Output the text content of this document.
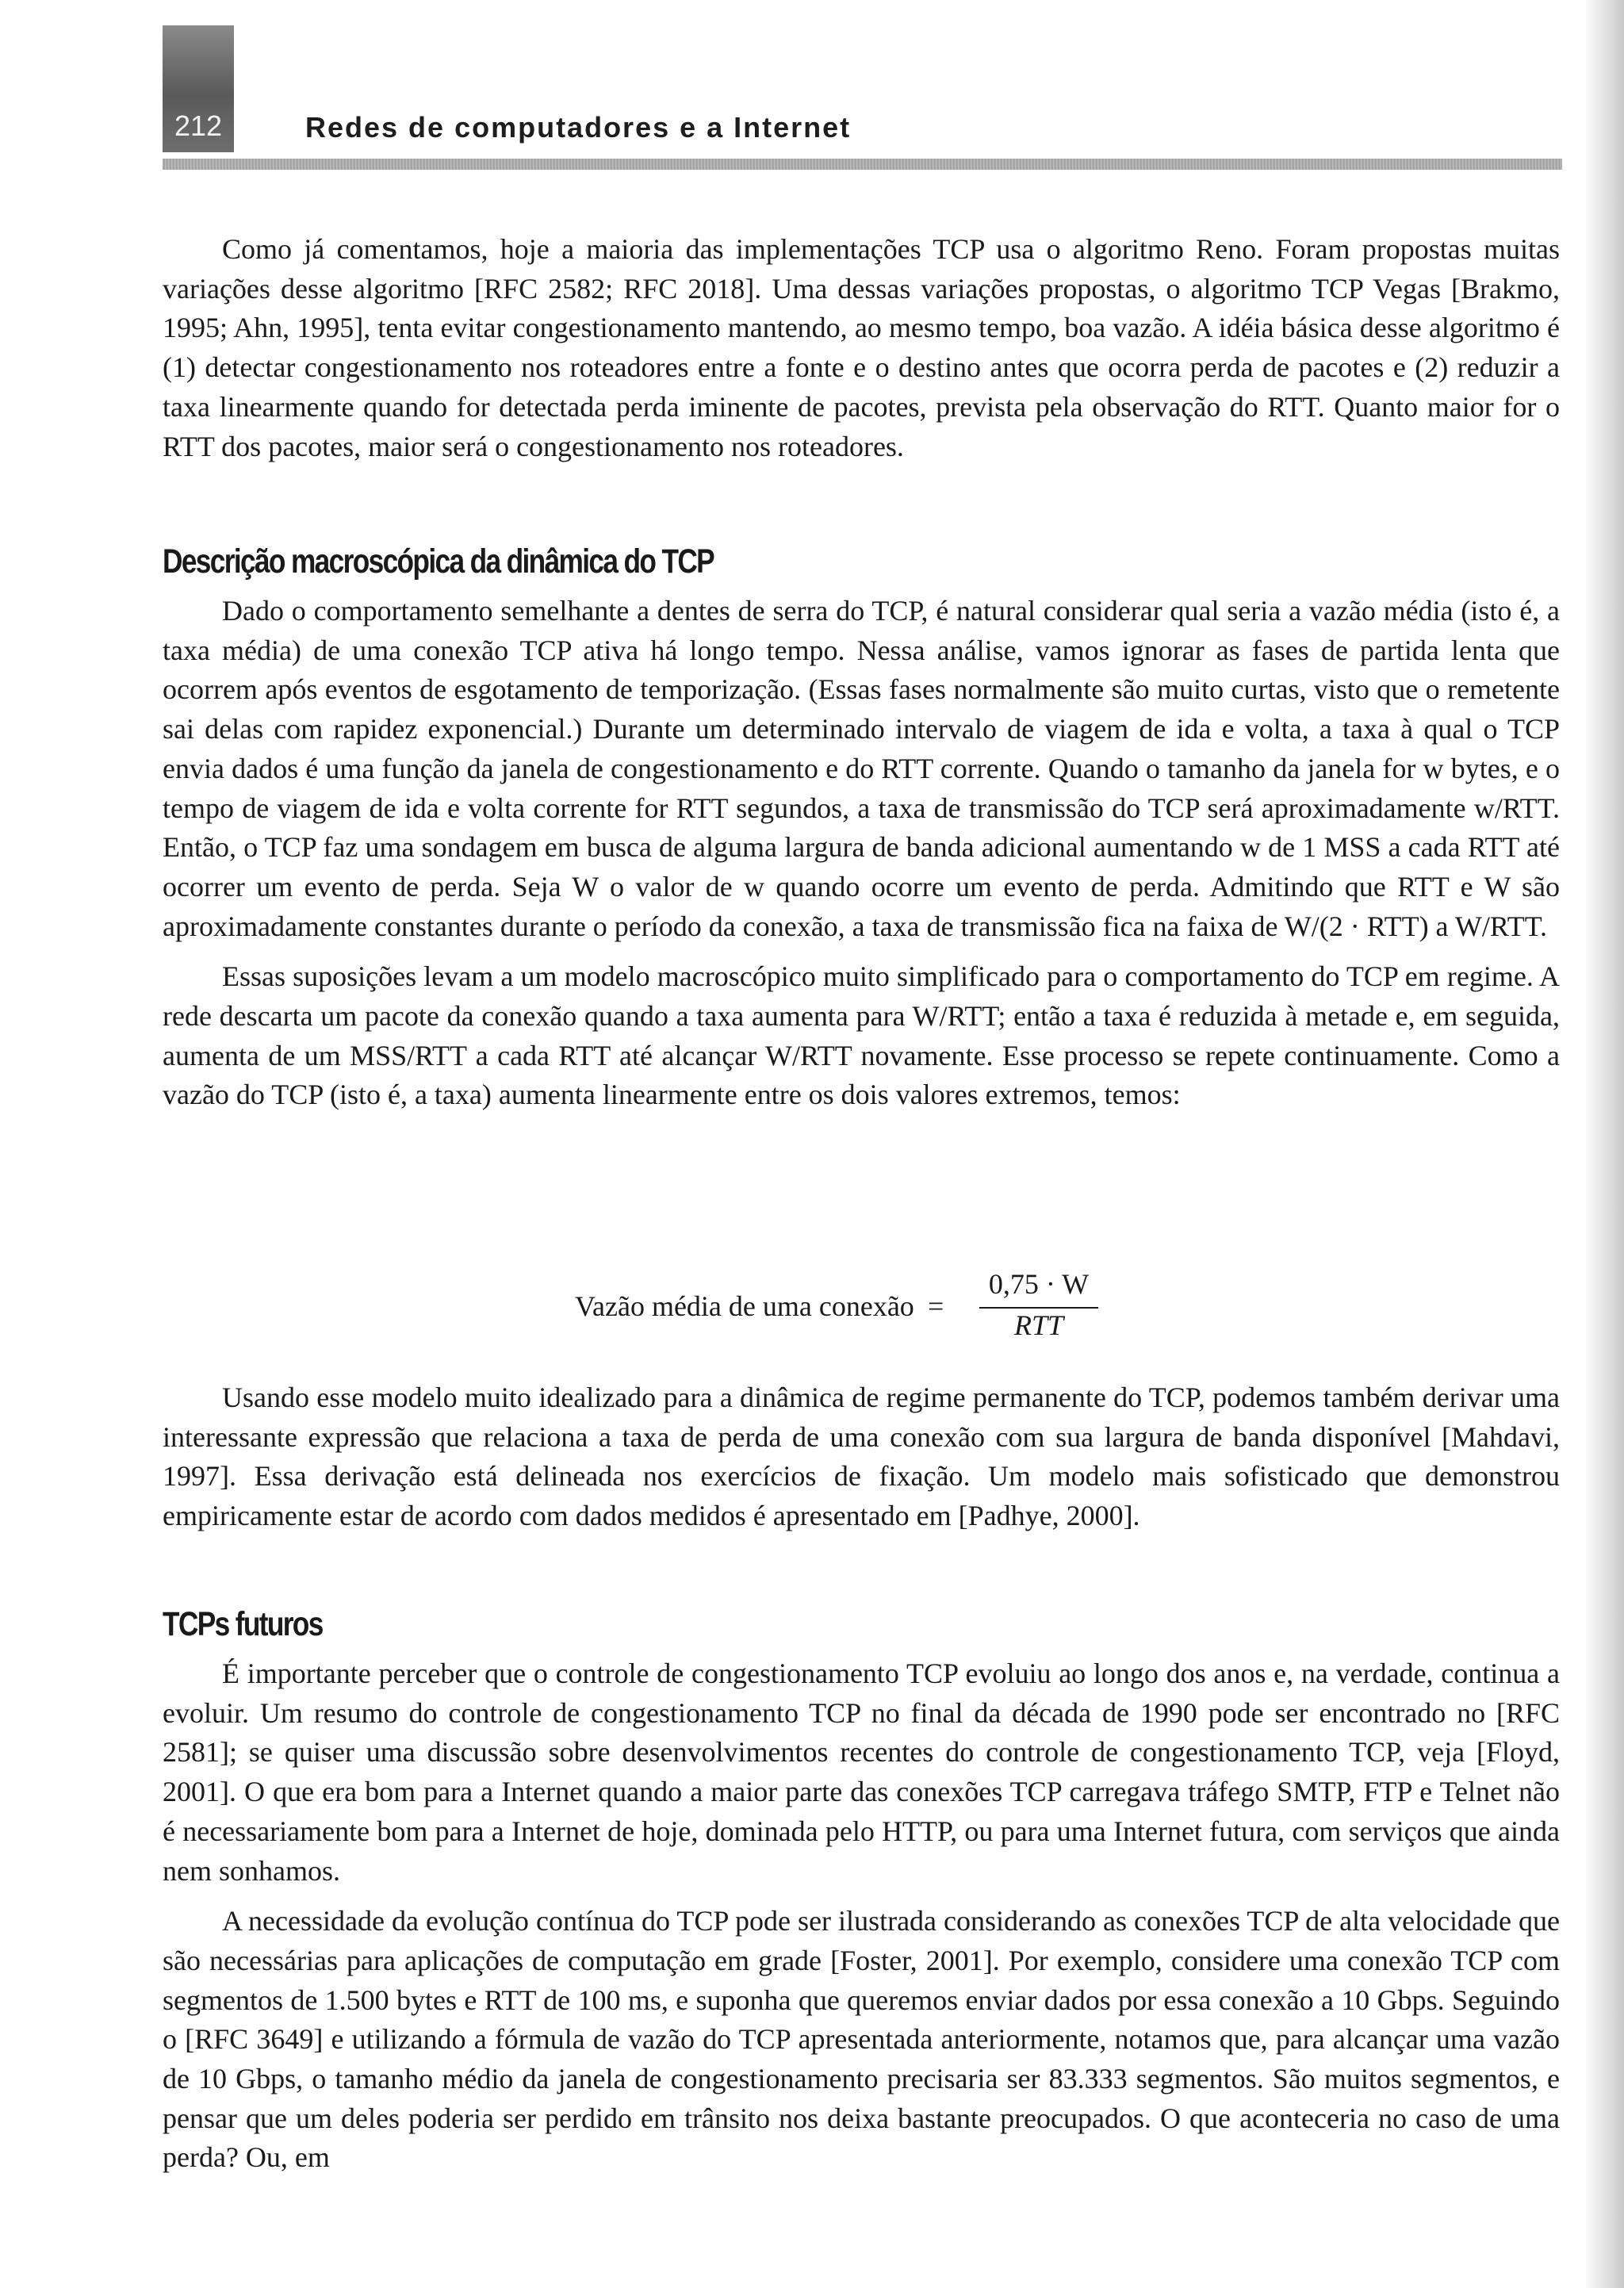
212	Redes de computadores e a Internet

Como já comentamos, hoje a maioria das implementações TCP usa o algoritmo Reno. Foram propostas muitas variações desse algoritmo [RFC 2582; RFC 2018]. Uma dessas variações propostas, o algoritmo TCP Vegas [Brakmo, 1995; Ahn, 1995], tenta evitar congestionamento mantendo, ao mesmo tempo, boa vazão. A idéia básica desse algoritmo é (1) detectar congestionamento nos roteadores entre a fonte e o destino antes que ocorra perda de pacotes e (2) reduzir a taxa linearmente quando for detectada perda iminente de pacotes, prevista pela observação do RTT. Quanto maior for o RTT dos pacotes, maior será o congestionamento nos roteadores.

Descrição macroscópica da dinâmica do TCP

Dado o comportamento semelhante a dentes de serra do TCP, é natural considerar qual seria a vazão média (isto é, a taxa média) de uma conexão TCP ativa há longo tempo. Nessa análise, vamos ignorar as fases de partida lenta que ocorrem após eventos de esgotamento de temporização. (Essas fases normalmente são muito curtas, visto que o remetente sai delas com rapidez exponencial.) Durante um determinado intervalo de viagem de ida e volta, a taxa à qual o TCP envia dados é uma função da janela de congestionamento e do RTT corrente. Quando o tamanho da janela for w bytes, e o tempo de viagem de ida e volta corrente for RTT segundos, a taxa de transmissão do TCP será aproximadamente w/RTT. Então, o TCP faz uma sondagem em busca de alguma largura de banda adicional aumentando w de 1 MSS a cada RTT até ocorrer um evento de perda. Seja W o valor de w quando ocorre um evento de perda. Admitindo que RTT e W são aproximadamente constantes durante o período da conexão, a taxa de transmissão fica na faixa de W/(2 · RTT) a W/RTT.

Essas suposições levam a um modelo macroscópico muito simplificado para o comportamento do TCP em regime. A rede descarta um pacote da conexão quando a taxa aumenta para W/RTT; então a taxa é reduzida à metade e, em seguida, aumenta de um MSS/RTT a cada RTT até alcançar W/RTT novamente. Esse processo se repete continuamente. Como a vazão do TCP (isto é, a taxa) aumenta linearmente entre os dois valores extremos, temos:

Vazão média de uma conexão =
0,75 · W
RTT

Usando esse modelo muito idealizado para a dinâmica de regime permanente do TCP, podemos também derivar uma interessante expressão que relaciona a taxa de perda de uma conexão com sua largura de banda disponível [Mahdavi, 1997]. Essa derivação está delineada nos exercícios de fixação. Um modelo mais sofisticado que demonstrou empiricamente estar de acordo com dados medidos é apresentado em [Padhye, 2000].

TCPs futuros

É importante perceber que o controle de congestionamento TCP evoluiu ao longo dos anos e, na verdade, continua a evoluir. Um resumo do controle de congestionamento TCP no final da década de 1990 pode ser encontrado no [RFC 2581]; se quiser uma discussão sobre desenvolvimentos recentes do controle de congestionamento TCP, veja [Floyd, 2001]. O que era bom para a Internet quando a maior parte das conexões TCP carregava tráfego SMTP, FTP e Telnet não é necessariamente bom para a Internet de hoje, dominada pelo HTTP, ou para uma Internet futura, com serviços que ainda nem sonhamos.

A necessidade da evolução contínua do TCP pode ser ilustrada considerando as conexões TCP de alta velocidade que são necessárias para aplicações de computação em grade [Foster, 2001]. Por exemplo, considere uma conexão TCP com segmentos de 1.500 bytes e RTT de 100 ms, e suponha que queremos enviar dados por essa conexão a 10 Gbps. Seguindo o [RFC 3649] e utilizando a fórmula de vazão do TCP apresentada anteriormente, notamos que, para alcançar uma vazão de 10 Gbps, o tamanho médio da janela de congestionamento precisaria ser 83.333 segmentos. São muitos segmentos, e pensar que um deles poderia ser perdido em trânsito nos deixa bastante preocupados. O que aconteceria no caso de uma perda? Ou, em
